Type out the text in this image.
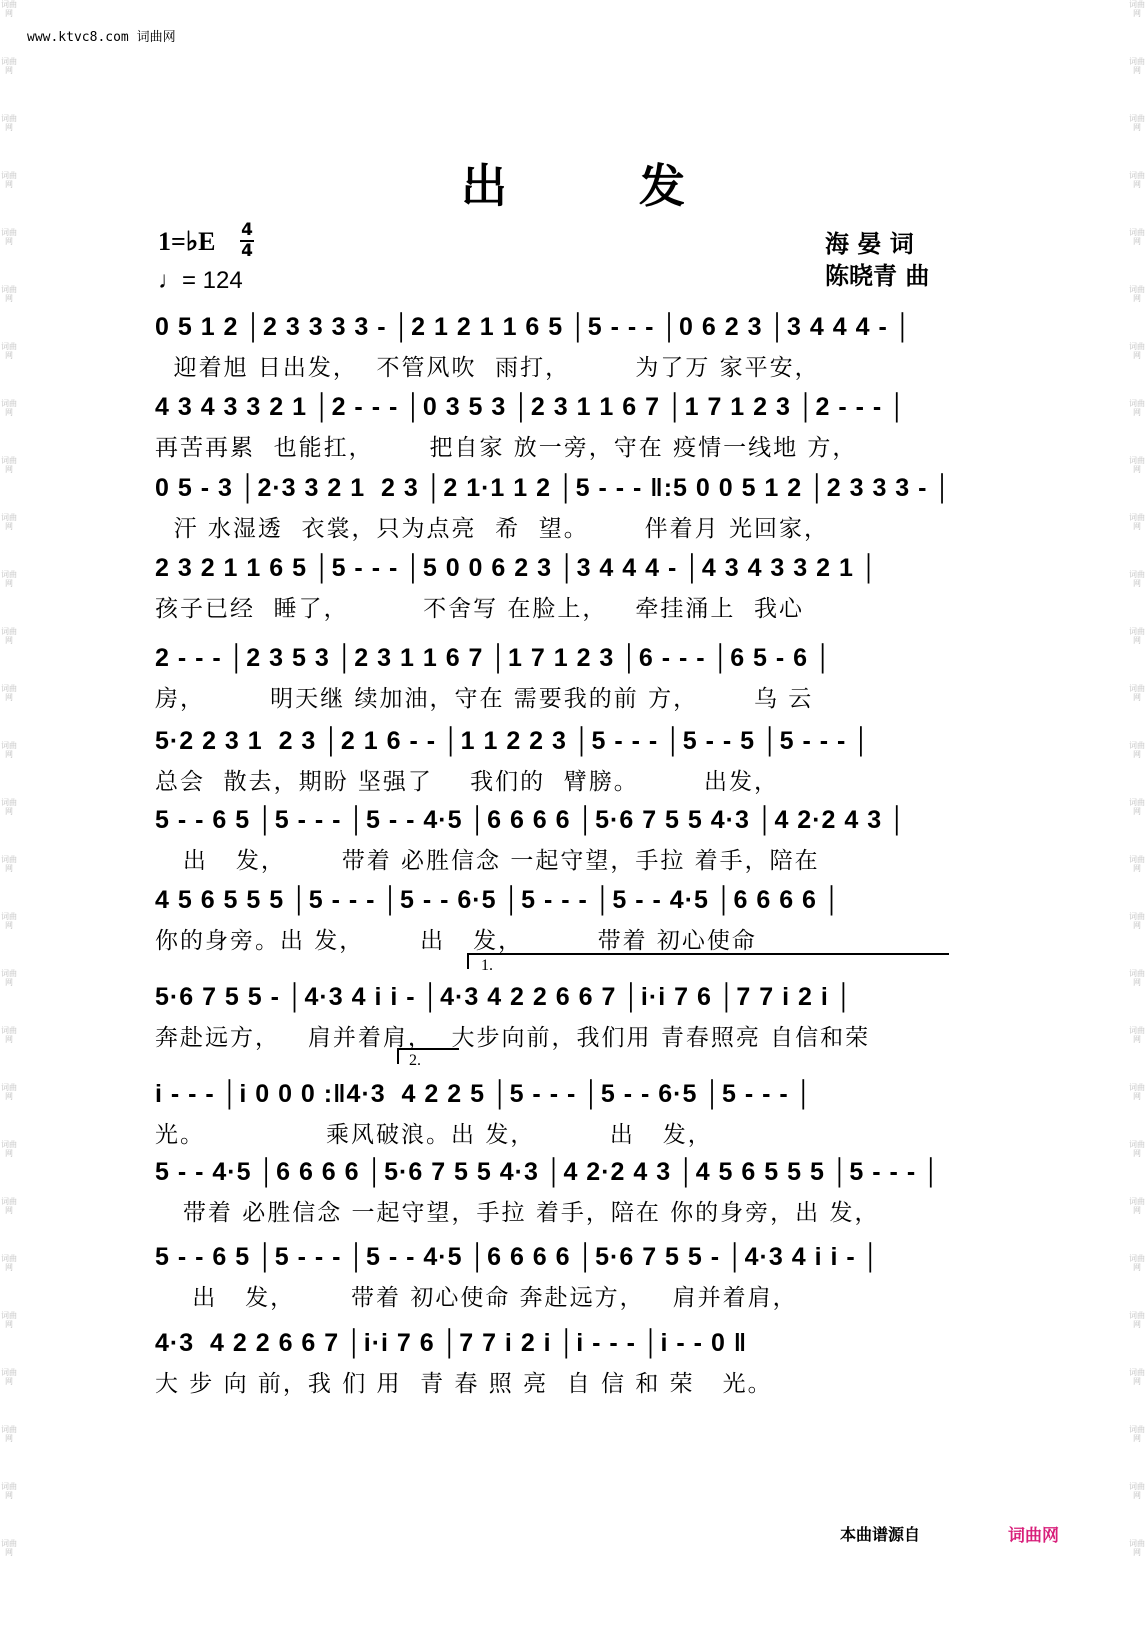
词曲网
词曲网
词曲网
词曲网
词曲网
词曲网
词曲网
词曲网
词曲网
词曲网
词曲网
词曲网
词曲网
词曲网
词曲网
词曲网
词曲网
词曲网
词曲网
词曲网
词曲网
词曲网
词曲网
词曲网
词曲网
词曲网
词曲网
词曲网
词曲网
词曲网
词曲网
词曲网
词曲网
词曲网
词曲网
词曲网
词曲网
词曲网
词曲网
词曲网
词曲网
词曲网
词曲网
词曲网
词曲网
词曲网
词曲网
词曲网
词曲网
词曲网
词曲网
词曲网
词曲网
词曲网
词曲网
词曲网
www.ktvc8.com 词曲网
出 发
1=♭E 4
4
♩= 124
海 晏 词
陈晓青 曲
0 5 1 2 │2 3 3 3 3 - │2 1 2 1 1 6 5 │5 - - - │0 6 2 3 │3 4 4 4 - │
迎着旭 日出发，  不管风吹  雨打，       为了万 家平安，
4 3 4 3 3 2 1 │2 - - - │0 3 5 3 │2 3 1 1 6 7 │1 7 1 2 3 │2 - - - │
再苦再累  也能扛，      把自家 放一旁，守在 疫情一线地 方，
0 5 - 3 │2·3 3 2 1  2 3 │2 1·1 1 2 │5 - - - ‖:5 0 0 5 1 2 │2 3 3 3 - │
汗 水湿透  衣裳，只为点亮  希  望。      伴着月 光回家，
2 3 2 1 1 6 5 │5 - - - │5 0 0 6 2 3 │3 4 4 4 - │4 3 4 3 3 2 1 │
孩子已经  睡了，        不舍写 在脸上，   牵挂涌上  我心
2 - - - │2 3 5 3 │2 3 1 1 6 7 │1 7 1 2 3 │6 - - - │6 5 - 6 │
房，       明天继 续加油，守在 需要我的前 方，      乌 云
5·2 2 3 1  2 3 │2 1 6 - - │1 1 2 2 3 │5 - - - │5 - - 5 │5 - - - │
总会  散去，期盼 坚强了    我们的  臂膀。       出发，
5 - - 6 5 │5 - - - │5 - - 4·5 │6 6 6 6 │5·6 7 5 5 4·3 │4 2·2 4 3 │
出   发，      带着 必胜信念 一起守望，手拉 着手，陪在
4 5 6 5 5 5 │5 - - - │5 - - 6·5 │5 - - - │5 - - 4·5 │6 6 6 6 │
你的身旁。出 发，      出   发，        带着 初心使命
5·6 7 5 5 - │4·3 4 i i - │4·3 4 2 2 6 6 7 │i·i 7 6 │7 7 i 2 i │
奔赴远方，   肩并着肩，  大步向前，我们用 青春照亮 自信和荣
i - - - │i 0 0 0 :‖4·3  4 2 2 5 │5 - - - │5 - - 6·5 │5 - - - │
光。             乘风破浪。出 发，        出   发，
5 - - 4·5 │6 6 6 6 │5·6 7 5 5 4·3 │4 2·2 4 3 │4 5 6 5 5 5 │5 - - - │
带着 必胜信念 一起守望，手拉 着手，陪在 你的身旁，出 发，
5 - - 6 5 │5 - - - │5 - - 4·5 │6 6 6 6 │5·6 7 5 5 - │4·3 4 i i - │
出   发，      带着 初心使命 奔赴远方，   肩并着肩，
4·3  4 2 2 6 6 7 │i·i 7 6 │7 7 i 2 i │i - - - │i - - 0 ‖
大 步 向 前，我 们 用  青 春 照 亮  自 信 和 荣   光。
1.
2.
本曲谱源自	词曲网
